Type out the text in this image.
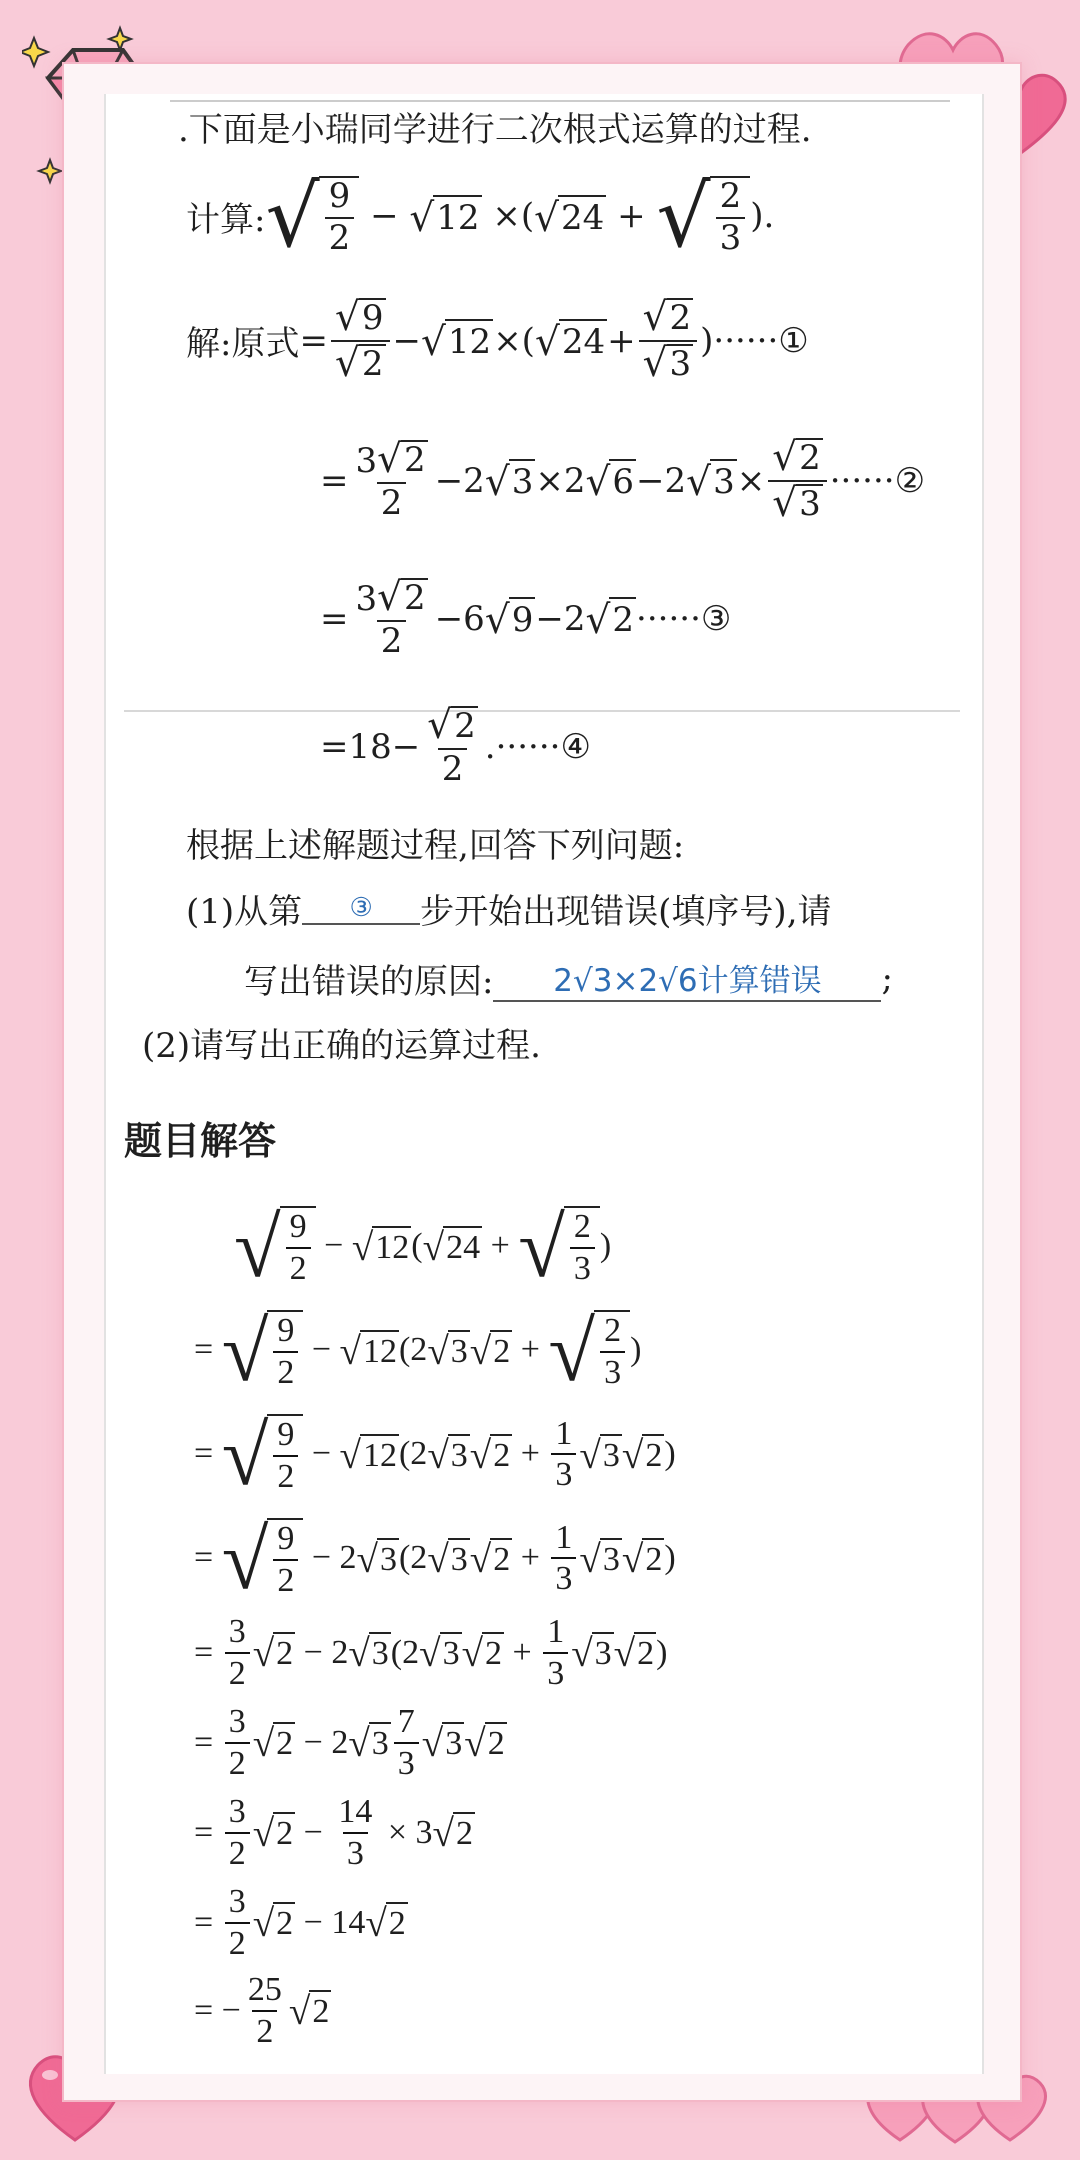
.下面是小瑞同学进行二次根式运算的过程.
计算: √ $\frac{9}{2}$ − √ 12 ×( √ 24 + √ $\frac{2}{3}$ ).
解:原式 = $\frac{√ 9}{√ 2}$ − √ 12 ×( √ $24 + \frac{√ 2}{√ 3}$ )······ ①
= $\frac{3 √ 2}{2} -2$ √ 3 ×2 √ 6 −2 √ $3 \times \frac{√ 2}{√ 3}$ ······ ②
= $\frac{3 √ 2}{2} -6$ √ 9 −2 √ 2 ······ ③
$=18- \frac{√ 2}{2}$ .······ ④
根据上述解题过程,回答下列问题:
(1)从第	③	步开始出现错误(填序号),请
写出错误的原因:	2√3×2√6计算错误	;
(2)请写出正确的运算过程.
题目解答
√ $\frac{9}{2}$ − √ 12 ( √ 24 + √ $\frac{2}{3}$ )
= √ $\frac{9}{2}$ − √ 12 (2 √ 3 √ 2 + √ $\frac{2}{3}$ )
= √ $\frac{9}{2}$ − √ 12 (2 √ 3 √ $2 + \frac{1}{3}$ √ 3 √ 2 )
= √ $\frac{9}{2} - 2$ √ 3 (2 √ 3 √ $2 + \frac{1}{3}$ √ 3 √ 2 )
= $\frac{3}{2}$ √ 2 − 2 √ 3 (2 √ 3 √ $2 + \frac{1}{3}$ √ 3 √ 2 )
= $\frac{3}{2}$ √ 2 − 2 √ 3
7
3 √ 3 √ 2
= $\frac{3}{2}$ √ $2 - \frac{14}{3} \times 3$ √ 2
= $\frac{3}{2}$ √ 2 − 14 √ 2
= − $\frac{25}{2}$ √ 2
